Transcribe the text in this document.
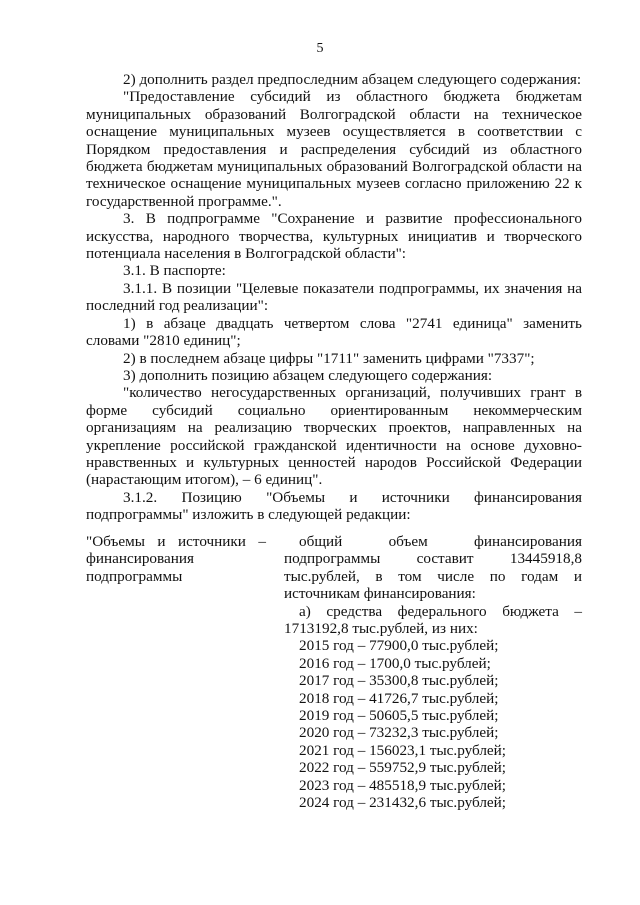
5

2) дополнить раздел предпоследним абзацем следующего содержания:

"Предоставление субсидий из областного бюджета бюджетам муниципальных образований Волгоградской области на техническое оснащение муниципальных музеев осуществляется в соответствии с Порядком предоставления и распределения субсидий из областного бюджета бюджетам муниципальных образований Волгоградской области на техническое оснащение муниципальных музеев согласно приложению 22 к государственной программе.".

3. В подпрограмме "Сохранение и развитие профессионального искусства, народного творчества, культурных инициатив и творческого потенциала населения в Волгоградской области":

3.1. В паспорте:

3.1.1. В позиции "Целевые показатели подпрограммы, их значения на последний год реализации":

1) в абзаце двадцать четвертом слова "2741 единица" заменить словами "2810 единиц";

2) в последнем абзаце цифры "1711" заменить цифрами "7337";

3) дополнить позицию абзацем следующего содержания:

"количество негосударственных организаций, получивших грант в форме субсидий социально ориентированным некоммерческим организациям на реализацию творческих проектов, направленных на укрепление российской гражданской идентичности на основе духовно-нравственных и культурных ценностей народов Российской Федерации (нарастающим итогом), – 6 единиц".

3.1.2. Позицию "Объемы и источники финансирования подпрограммы" изложить в следующей редакции:

"Объемы и источники – финансирования подпрограммы

общий объем финансирования подпрограммы составит 13445918,8 тыс.рублей, в том числе по годам и источникам финансирования:

а) средства федерального бюджета – 1713192,8 тыс.рублей, из них:

2015 год – 77900,0 тыс.рублей;
2016 год – 1700,0 тыс.рублей;
2017 год – 35300,8 тыс.рублей;
2018 год – 41726,7 тыс.рублей;
2019 год – 50605,5 тыс.рублей;
2020 год – 73232,3 тыс.рублей;
2021 год – 156023,1 тыс.рублей;
2022 год – 559752,9 тыс.рублей;
2023 год – 485518,9 тыс.рублей;
2024 год – 231432,6 тыс.рублей;
